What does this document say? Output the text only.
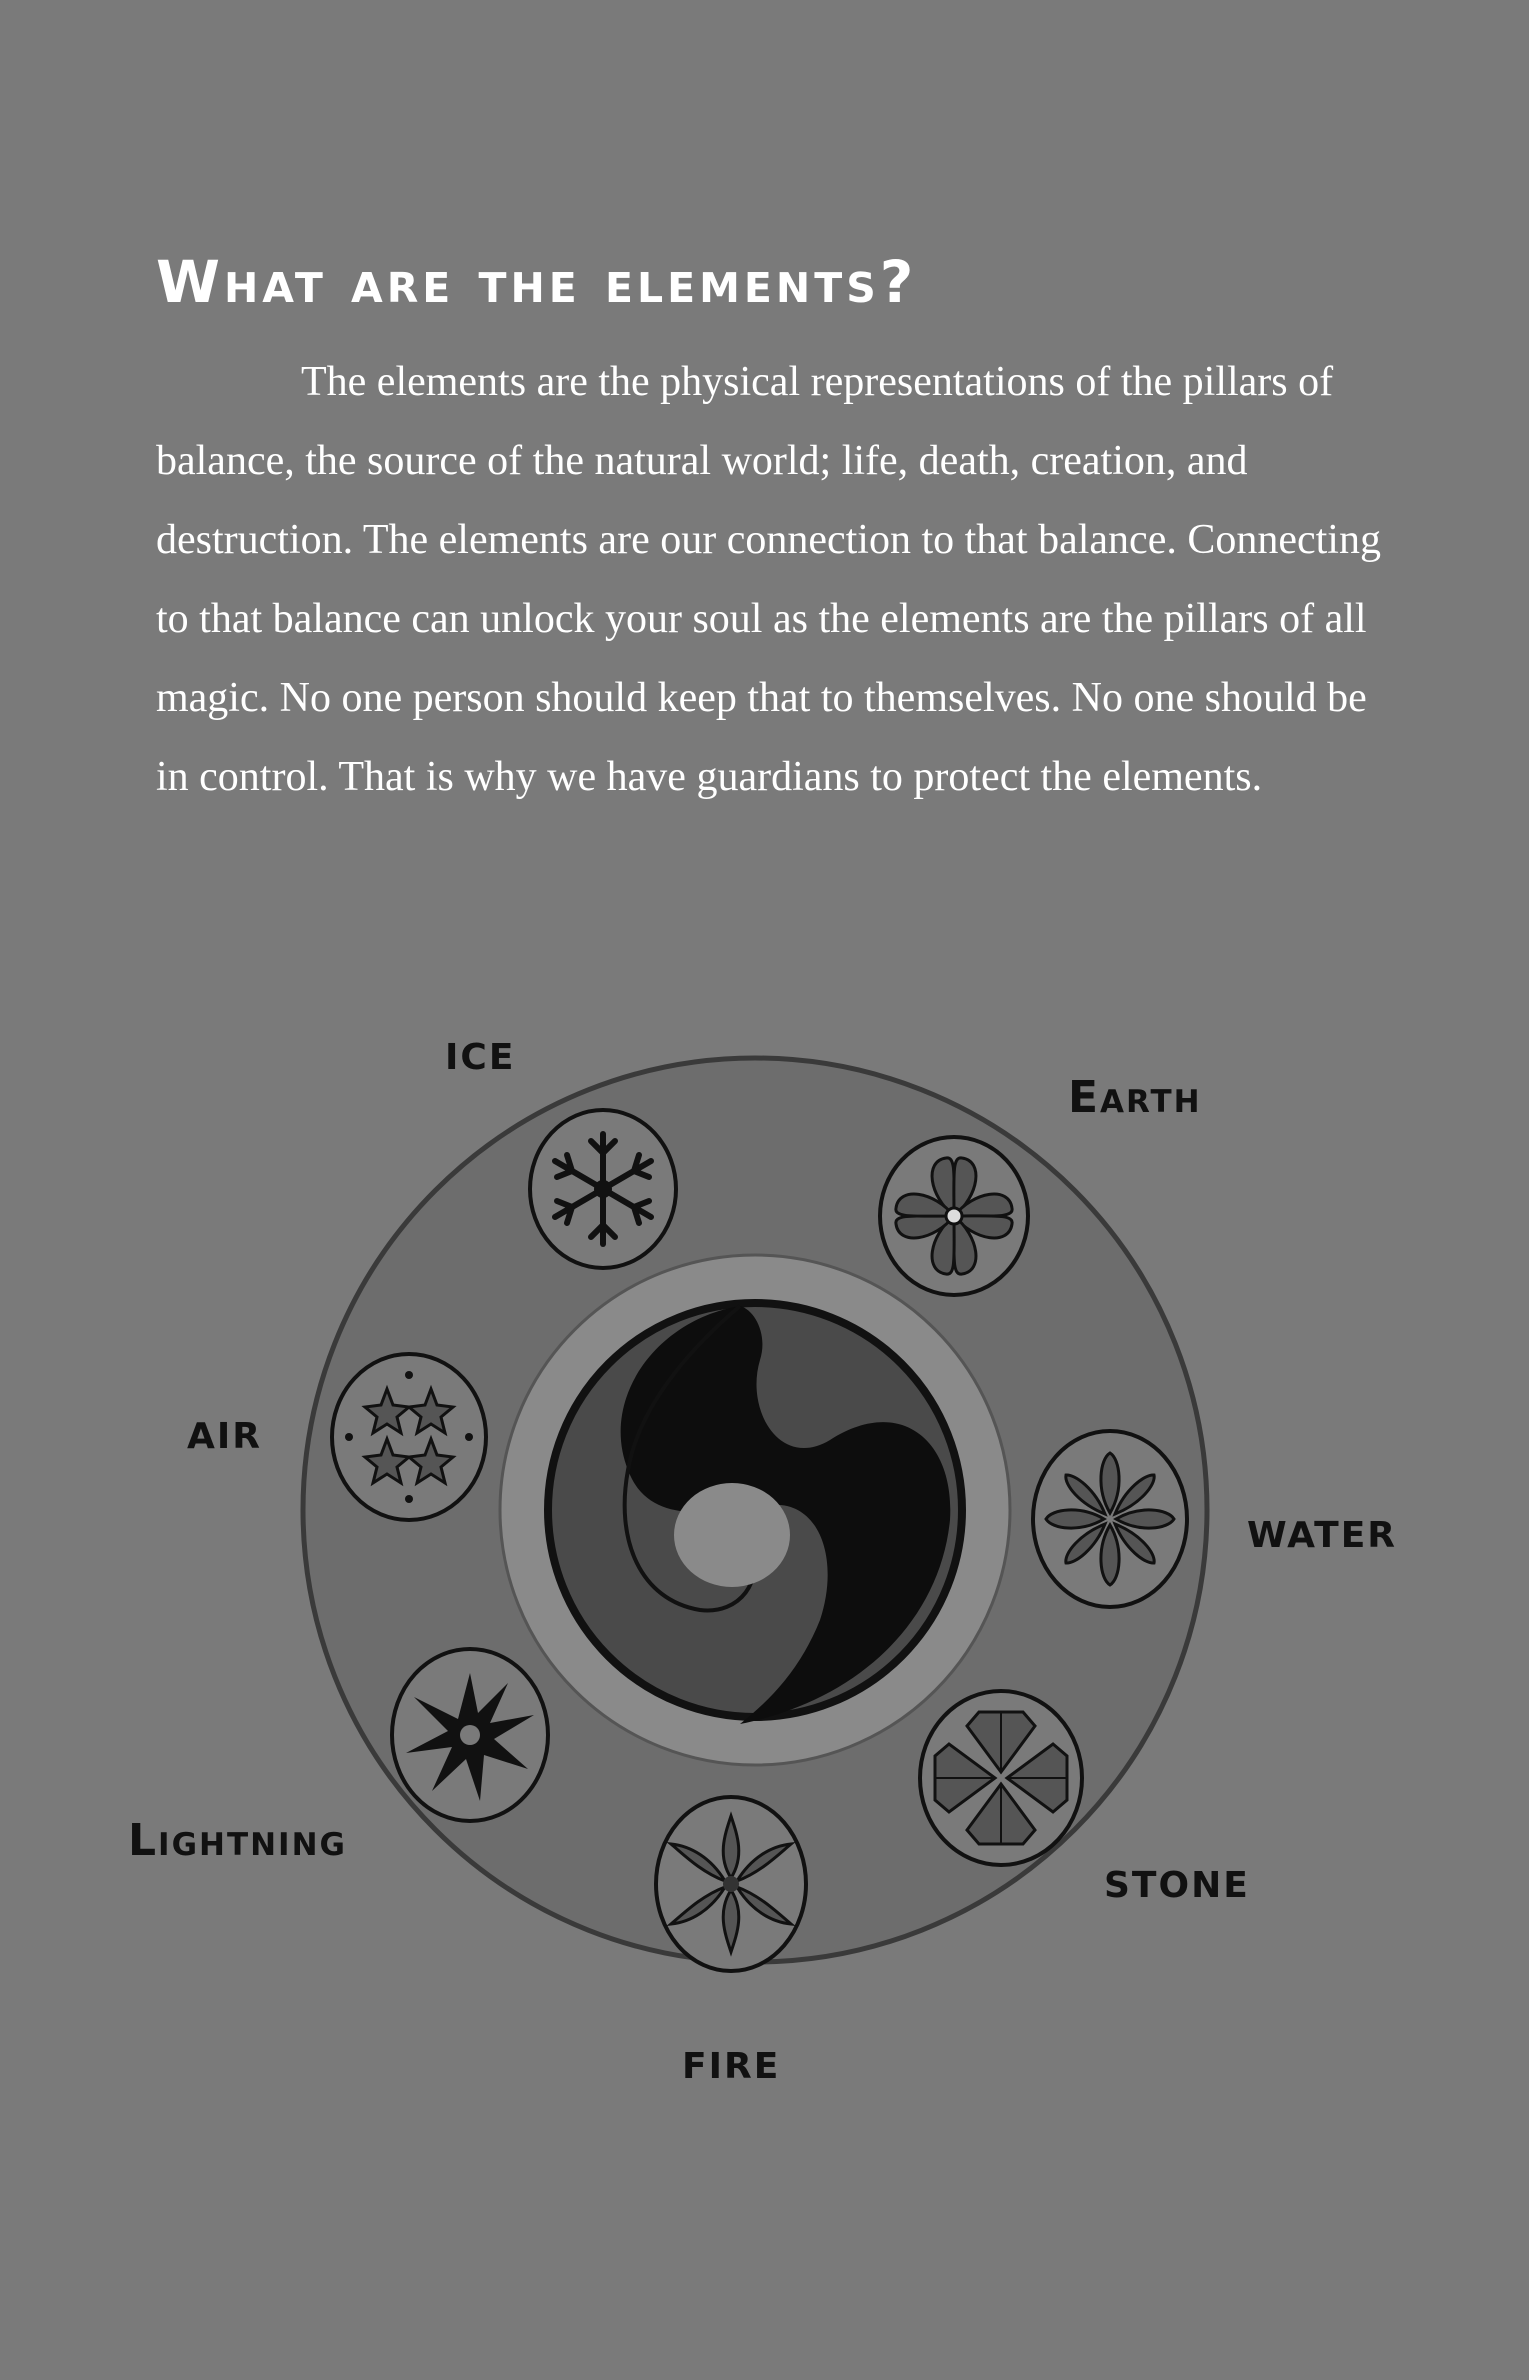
What are the elements?

The elements are the physical representations of the pillars of balance, the source of the natural world; life, death, creation, and destruction. The elements are our connection to that balance. Connecting to that balance can unlock your soul as the elements are the pillars of all magic. No one person should keep that to themselves. No one should be in control. That is why we have guardians to protect the elements.

ICE
Earth
AIR
WATER
Lightning
STONE
FIRE
